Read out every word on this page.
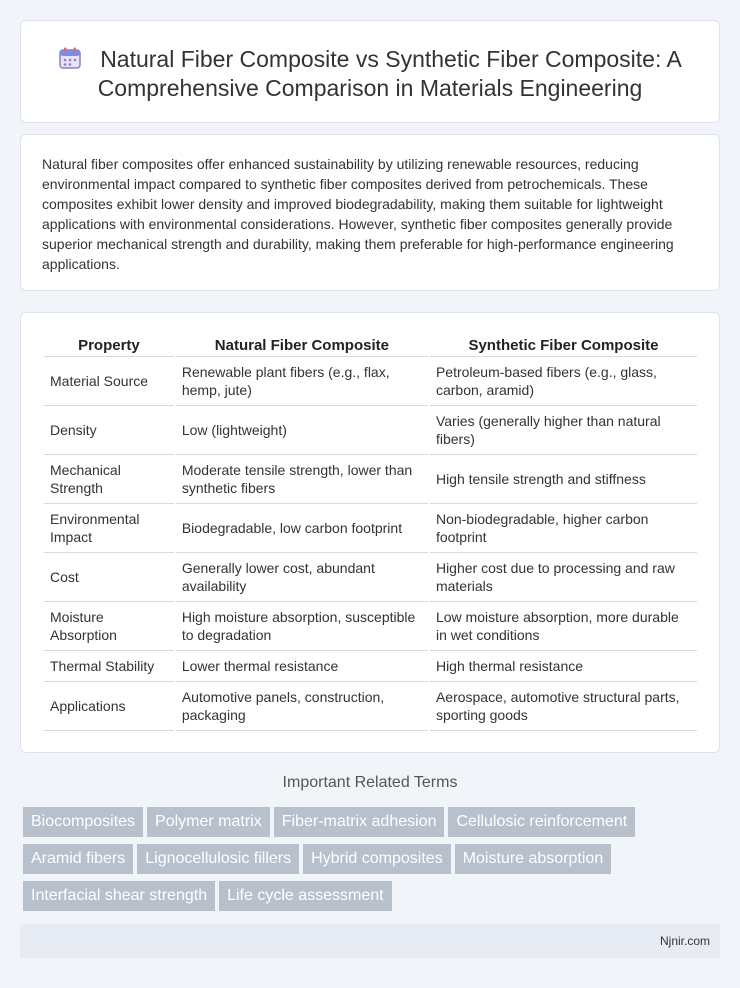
Natural Fiber Composite vs Synthetic Fiber Composite: A Comprehensive Comparison in Materials Engineering

Natural fiber composites offer enhanced sustainability by utilizing renewable resources, reducing environmental impact compared to synthetic fiber composites derived from petrochemicals. These composites exhibit lower density and improved biodegradability, making them suitable for lightweight applications with environmental considerations. However, synthetic fiber composites generally provide superior mechanical strength and durability, making them preferable for high-performance engineering applications.

Property	Natural Fiber Composite	Synthetic Fiber Composite
Material Source	Renewable plant fibers (e.g., flax, hemp, jute)	Petroleum-based fibers (e.g., glass, carbon, aramid)
Density	Low (lightweight)	Varies (generally higher than natural fibers)
Mechanical Strength	Moderate tensile strength, lower than synthetic fibers	High tensile strength and stiffness
Environmental Impact	Biodegradable, low carbon footprint	Non-biodegradable, higher carbon footprint
Cost	Generally lower cost, abundant availability	Higher cost due to processing and raw materials
Moisture Absorption	High moisture absorption, susceptible to degradation	Low moisture absorption, more durable in wet conditions
Thermal Stability	Lower thermal resistance	High thermal resistance
Applications	Automotive panels, construction, packaging	Aerospace, automotive structural parts, sporting goods
Important Related Terms
Biocomposites Polymer matrix Fiber-matrix adhesion Cellulosic reinforcement
Aramid fibers Lignocellulosic fillers Hybrid composites Moisture absorption
Interfacial shear strength Life cycle assessment
Njnir.com
